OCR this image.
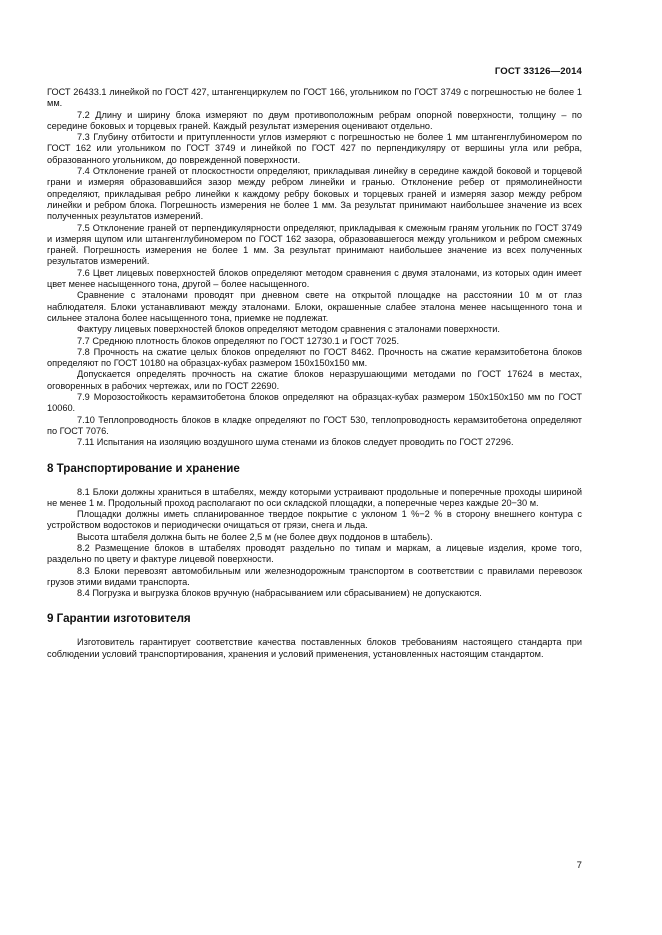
ГОСТ 33126—2014

ГОСТ 26433.1 линейкой по ГОСТ 427, штангенциркулем по ГОСТ 166, угольником по ГОСТ 3749 с погрешностью не более 1 мм.

7.2 Длину и ширину блока измеряют по двум противоположным ребрам опорной поверхности, толщину – по середине боковых и торцевых граней. Каждый результат измерения оценивают отдельно.

7.3 Глубину отбитости и притупленности углов измеряют с погрешностью не более 1 мм штангенглубиномером по ГОСТ 162 или угольником по ГОСТ 3749 и линейкой по ГОСТ 427 по перпендикуляру от вершины угла или ребра, образованного угольником, до поврежденной поверхности.

7.4 Отклонение граней от плоскостности определяют, прикладывая линейку в середине каждой боковой и торцевой грани и измеряя образовавшийся зазор между ребром линейки и гранью. Отклонение ребер от прямолинейности определяют, прикладывая ребро линейки к каждому ребру боковых и торцевых граней и измеряя зазор между ребром линейки и ребром блока. Погрешность измерения не более 1 мм. За результат принимают наибольшее значение из всех полученных результатов измерений.

7.5 Отклонение граней от перпендикулярности определяют, прикладывая к смежным граням угольник по ГОСТ 3749 и измеряя щупом или штангенглубиномером по ГОСТ 162 зазора, образовавшегося между угольником и ребром смежных граней. Погрешность измерения не более 1 мм. За результат принимают наибольшее значение из всех полученных результатов измерений.

7.6 Цвет лицевых поверхностей блоков определяют методом сравнения с двумя эталонами, из которых один имеет цвет менее насыщенного тона, другой – более насыщенного.

Сравнение с эталонами проводят при дневном свете на открытой площадке на расстоянии 10 м от глаз наблюдателя. Блоки устанавливают между эталонами. Блоки, окрашенные слабее эталона менее насыщенного тона и сильнее эталона более насыщенного тона, приемке не подлежат.

Фактуру лицевых поверхностей блоков определяют методом сравнения с эталонами поверхности.

7.7 Среднюю плотность блоков определяют по ГОСТ 12730.1 и ГОСТ 7025.

7.8 Прочность на сжатие целых блоков определяют по ГОСТ 8462. Прочность на сжатие керамзитобетона блоков определяют по ГОСТ 10180 на образцах-кубах размером 150х150х150 мм.

Допускается определять прочность на сжатие блоков неразрушающими методами по ГОСТ 17624 в местах, оговоренных в рабочих чертежах, или по ГОСТ 22690.

7.9 Морозостойкость керамзитобетона блоков определяют на образцах-кубах размером 150х150х150 мм по ГОСТ 10060.

7.10 Теплопроводность блоков в кладке определяют по ГОСТ 530, теплопроводность керамзитобетона определяют по ГОСТ 7076.

7.11 Испытания на изоляцию воздушного шума стенами из блоков следует проводить по ГОСТ 27296.

8 Транспортирование и хранение

8.1 Блоки должны храниться в штабелях, между которыми устраивают продольные и поперечные проходы шириной не менее 1 м. Продольный проход располагают по оси складской площадки, а поперечные через каждые 20−30 м.

Площадки должны иметь спланированное твердое покрытие с уклоном 1 %−2 % в сторону внешнего контура с устройством водостоков и периодически очищаться от грязи, снега и льда.

Высота штабеля должна быть не более 2,5 м (не более двух поддонов в штабель).

8.2 Размещение блоков в штабелях проводят раздельно по типам и маркам, а лицевые изделия, кроме того, раздельно по цвету и фактуре лицевой поверхности.

8.3 Блоки перевозят автомобильным или железнодорожным транспортом в соответствии с правилами перевозок грузов этими видами транспорта.

8.4 Погрузка и выгрузка блоков вручную (набрасыванием или сбрасыванием) не допускаются.

9 Гарантии изготовителя

Изготовитель гарантирует соответствие качества поставленных блоков требованиям настоящего стандарта при соблюдении условий транспортирования, хранения и условий применения, установленных настоящим стандартом.

7
